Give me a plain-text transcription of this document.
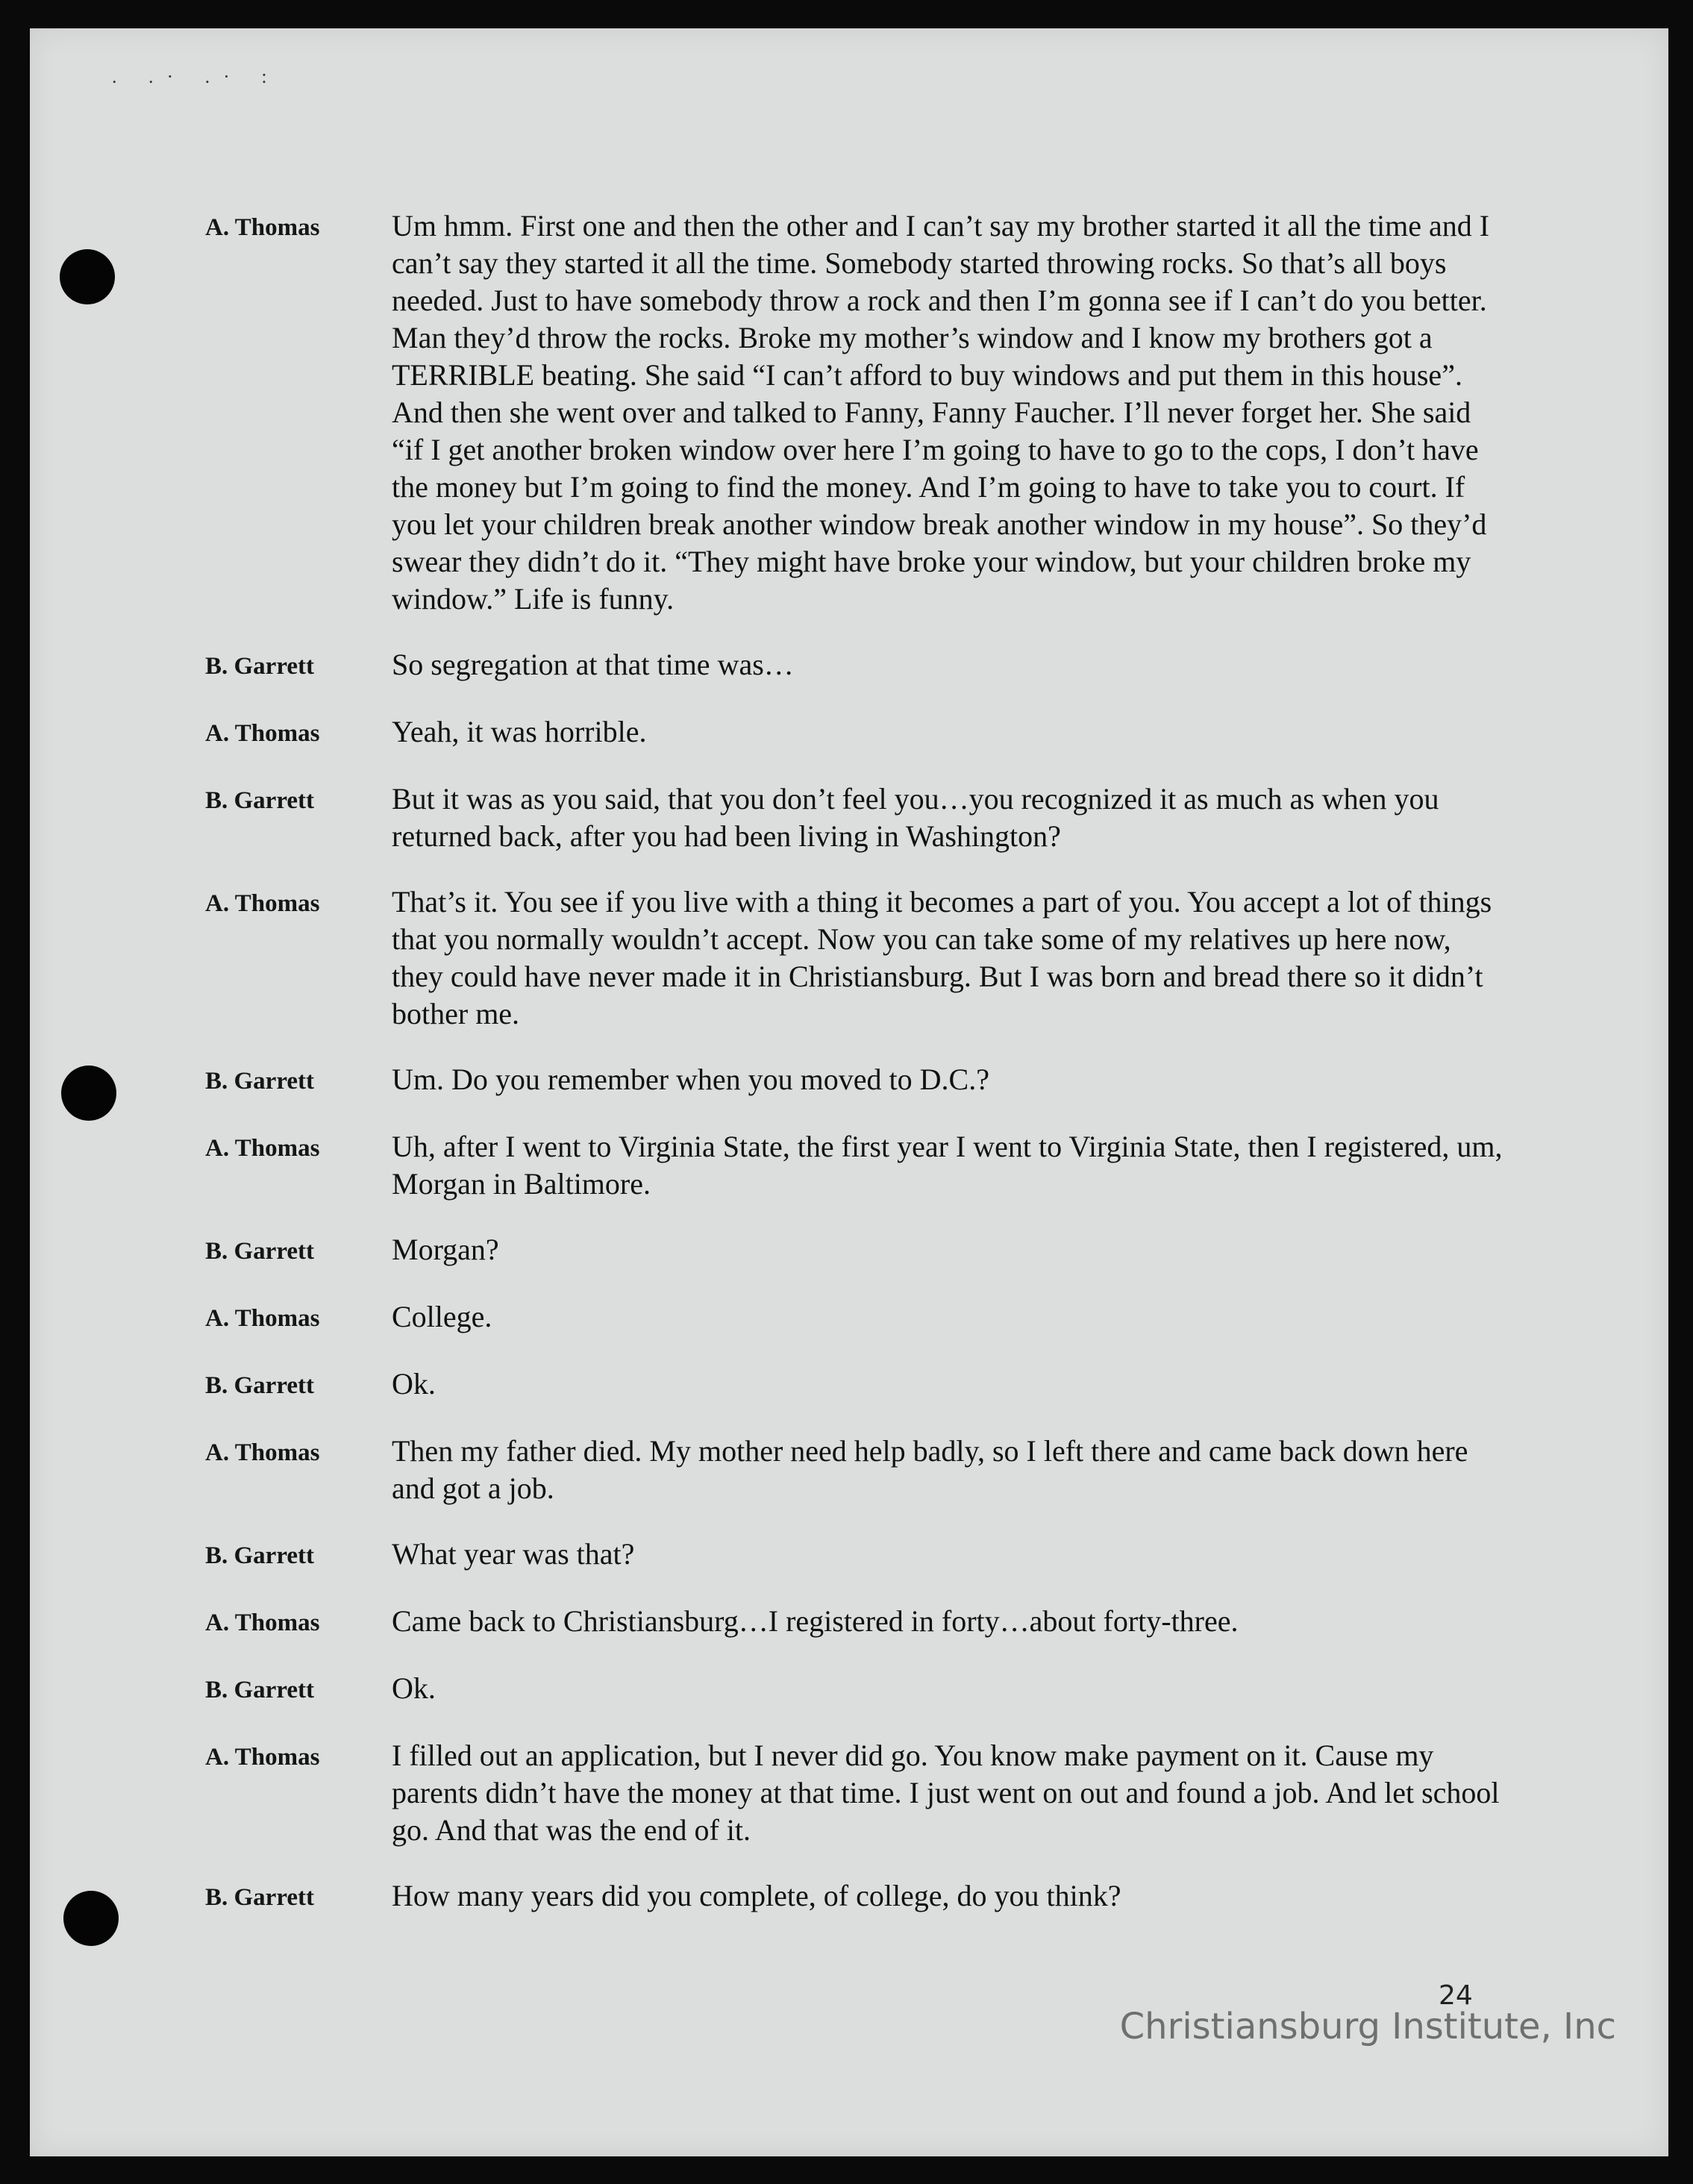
. .· .· :
A. Thomas	Um hmm. First one and then the other and I can’t say my brother started it all the time and I can’t say they started it all the time. Somebody started throwing rocks. So that’s all boys needed. Just to have somebody throw a rock and then I’m gonna see if I can’t do you better. Man they’d throw the rocks. Broke my mother’s window and I know my brothers got a TERRIBLE beating. She said “I can’t afford to buy windows and put them in this house”. And then she went over and talked to Fanny, Fanny Faucher. I’ll never forget her. She said “if I get another broken window over here I’m going to have to go to the cops, I don’t have the money but I’m going to find the money. And I’m going to have to take you to court. If you let your children break another window break another window in my house”. So they’d swear they didn’t do it. “They might have broke your window, but your children broke my window.” Life is funny.

B. Garrett	So segregation at that time was…

A. Thomas	Yeah, it was horrible.

B. Garrett	But it was as you said, that you don’t feel you…you recognized it as much as when you returned back, after you had been living in Washington?

A. Thomas	That’s it. You see if you live with a thing it becomes a part of you. You accept a lot of things that you normally wouldn’t accept. Now you can take some of my relatives up here now, they could have never made it in Christiansburg. But I was born and bread there so it didn’t bother me.

B. Garrett	Um. Do you remember when you moved to D.C.?

A. Thomas	Uh, after I went to Virginia State, the first year I went to Virginia State, then I registered, um, Morgan in Baltimore.

B. Garrett	Morgan?

A. Thomas	College.

B. Garrett	Ok.

A. Thomas	Then my father died. My mother need help badly, so I left there and came back down here and got a job.

B. Garrett	What year was that?

A. Thomas	Came back to Christiansburg…I registered in forty…about forty-three.

B. Garrett	Ok.

A. Thomas	I filled out an application, but I never did go. You know make payment on it. Cause my parents didn’t have the money at that time. I just went on out and found a job. And let school go. And that was the end of it.

B. Garrett	How many years did you complete, of college, do you think?

24
Christiansburg Institute, Inc
